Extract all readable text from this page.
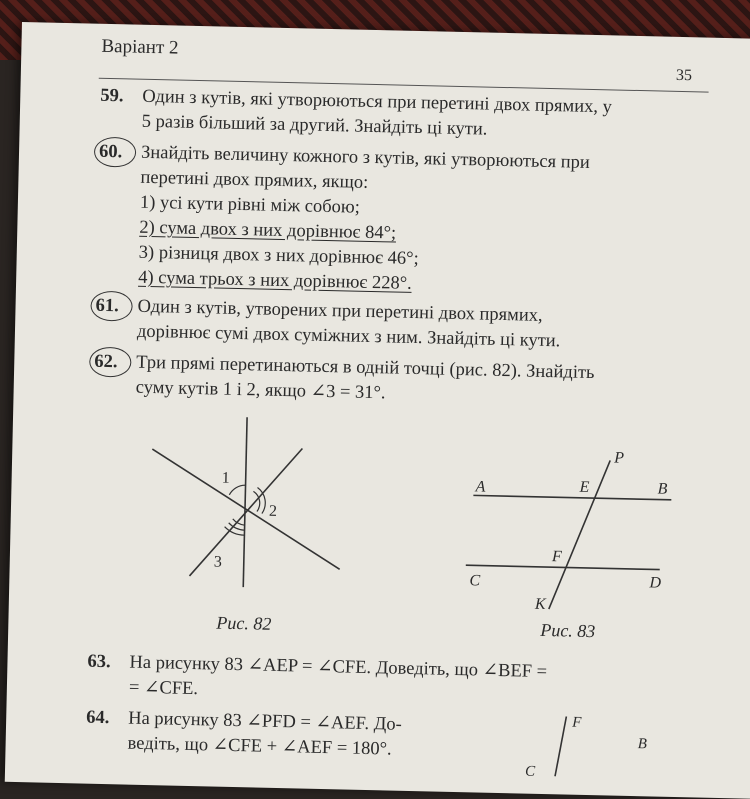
Варіант 2
35
59. Один з кутів, які утворюються при перетині двох прямих, у
5 разів більший за другий. Знайдіть ці кути.
60. Знайдіть величину кожного з кутів, які утворюються при
перетині двох прямих, якщо:
1) усі кути рівні між собою;
2) сума двох з них дорівнює 84°;
3) різниця двох з них дорівнює 46°;
4) сума трьох з них дорівнює 228°.
61. Один з кутів, утворених при перетині двох прямих,
дорівнює сумі двох суміжних з ним. Знайдіть ці кути.
62. Три прямі перетинаються в одній точці (рис. 82). Знайдіть
суму кутів 1 і 2, якщо ∠3 = 31°.
1
2
3
Рис. 82
P
A	E	B
F
C	D
K
Рис. 83
63. На рисунку 83 ∠AEP = ∠CFE. Доведіть, що ∠BEF =
= ∠CFE.
64. На рисунку 83 ∠PFD = ∠AEF. До-
ведіть, що ∠CFE + ∠AEF = 180°.
F
B
C
